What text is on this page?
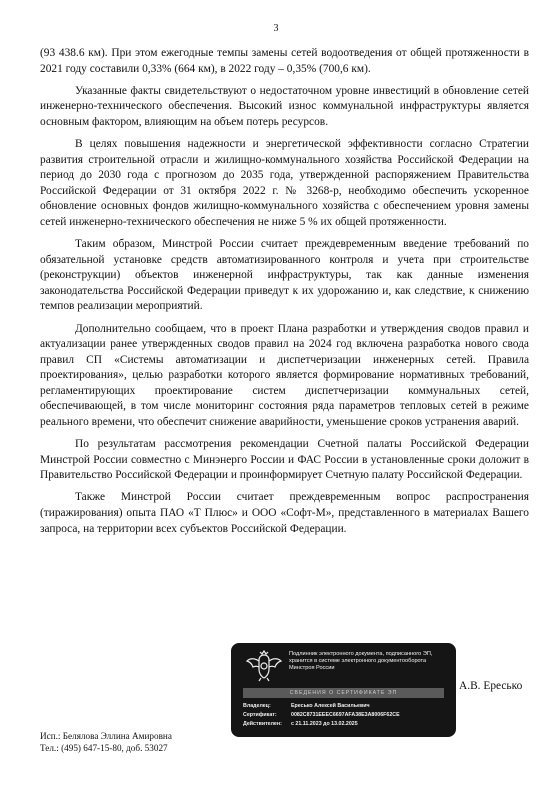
3

(93 438.6 км). При этом ежегодные темпы замены сетей водоотведения от общей протяженности в 2021 году составили 0,33% (664 км), в 2022 году – 0,35% (700,6 км).

Указанные факты свидетельствуют о недостаточном уровне инвестиций в обновление сетей инженерно-технического обеспечения. Высокий износ коммунальной инфраструктуры является основным фактором, влияющим на объем потерь ресурсов.

В целях повышения надежности и энергетической эффективности согласно Стратегии развития строительной отрасли и жилищно-коммунального хозяйства Российской Федерации на период до 2030 года с прогнозом до 2035 года, утвержденной распоряжением Правительства Российской Федерации от 31 октября 2022 г. № 3268-р, необходимо обеспечить ускоренное обновление основных фондов жилищно-коммунального хозяйства с обеспечением уровня замены сетей инженерно-технического обеспечения не ниже 5 % их общей протяженности.

Таким образом, Минстрой России считает преждевременным введение требований по обязательной установке средств автоматизированного контроля и учета при строительстве (реконструкции) объектов инженерной инфраструктуры, так как данные изменения законодательства Российской Федерации приведут к их удорожанию и, как следствие, к снижению темпов реализации мероприятий.

Дополнительно сообщаем, что в проект Плана разработки и утверждения сводов правил и актуализации ранее утвержденных сводов правил на 2024 год включена разработка нового свода правил СП «Системы автоматизации и диспетчеризации инженерных сетей. Правила проектирования», целью разработки которого является формирование нормативных требований, регламентирующих проектирование систем диспетчеризации коммунальных сетей, обеспечивающей, в том числе мониторинг состояния ряда параметров тепловых сетей в режиме реального времени, что обеспечит снижение аварийности, уменьшение сроков устранения аварий.

По результатам рассмотрения рекомендации Счетной палаты Российской Федерации Минстрой России совместно с Минэнерго России и ФАС России в установленные сроки доложит в Правительство Российской Федерации и проинформирует Счетную палату Российской Федерации.

Также Минстрой России считает преждевременным вопрос распространения (тиражирования) опыта ПАО «Т Плюс» и ООО «Софт-М», представленного в материалах Вашего запроса, на территории всех субъектов Российской Федерации.

Подлинник электронного документа, подписанного ЭП, хранится в системе электронного документооборота Минстроя России
СВЕДЕНИЯ О СЕРТИФИКАТЕ ЭП
Владелец:	Ересько Алексей Васильевич
Сертификат:	0082C8731EEEC6697AFA38E3A8006F62CE
Действителен: с 21.11.2023 до 13.02.2025
А.В. Ересько
Исп.: Белялова Эллина Амировна
Тел.: (495) 647-15-80, доб. 53027
